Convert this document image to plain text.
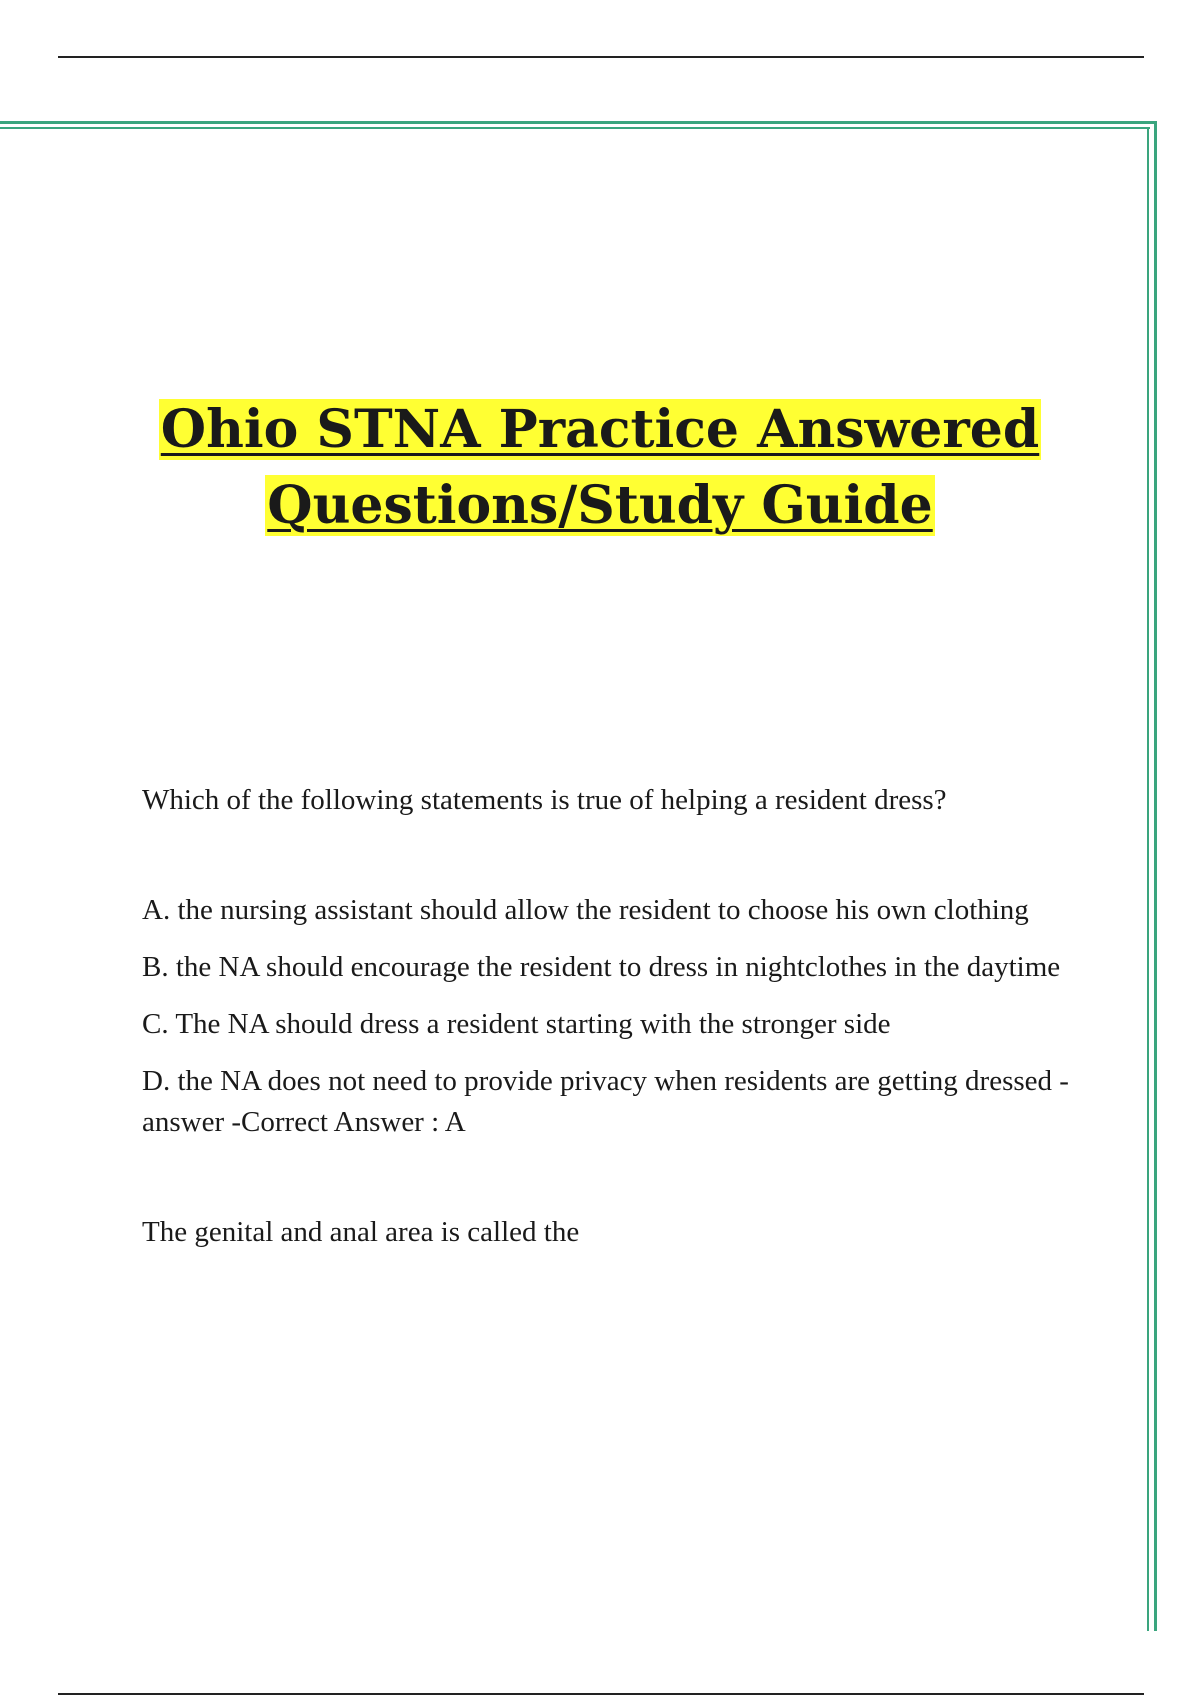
Ohio STNA Practice Answered
Questions/Study Guide

Which of the following statements is true of helping a resident dress?

A. the nursing assistant should allow the resident to choose his own clothing

B. the NA should encourage the resident to dress in nightclothes in the daytime

C. The NA should dress a resident starting with the stronger side

D. the NA does not need to provide privacy when residents are getting dressed - answer -Correct Answer : A

The genital and anal area is called the
